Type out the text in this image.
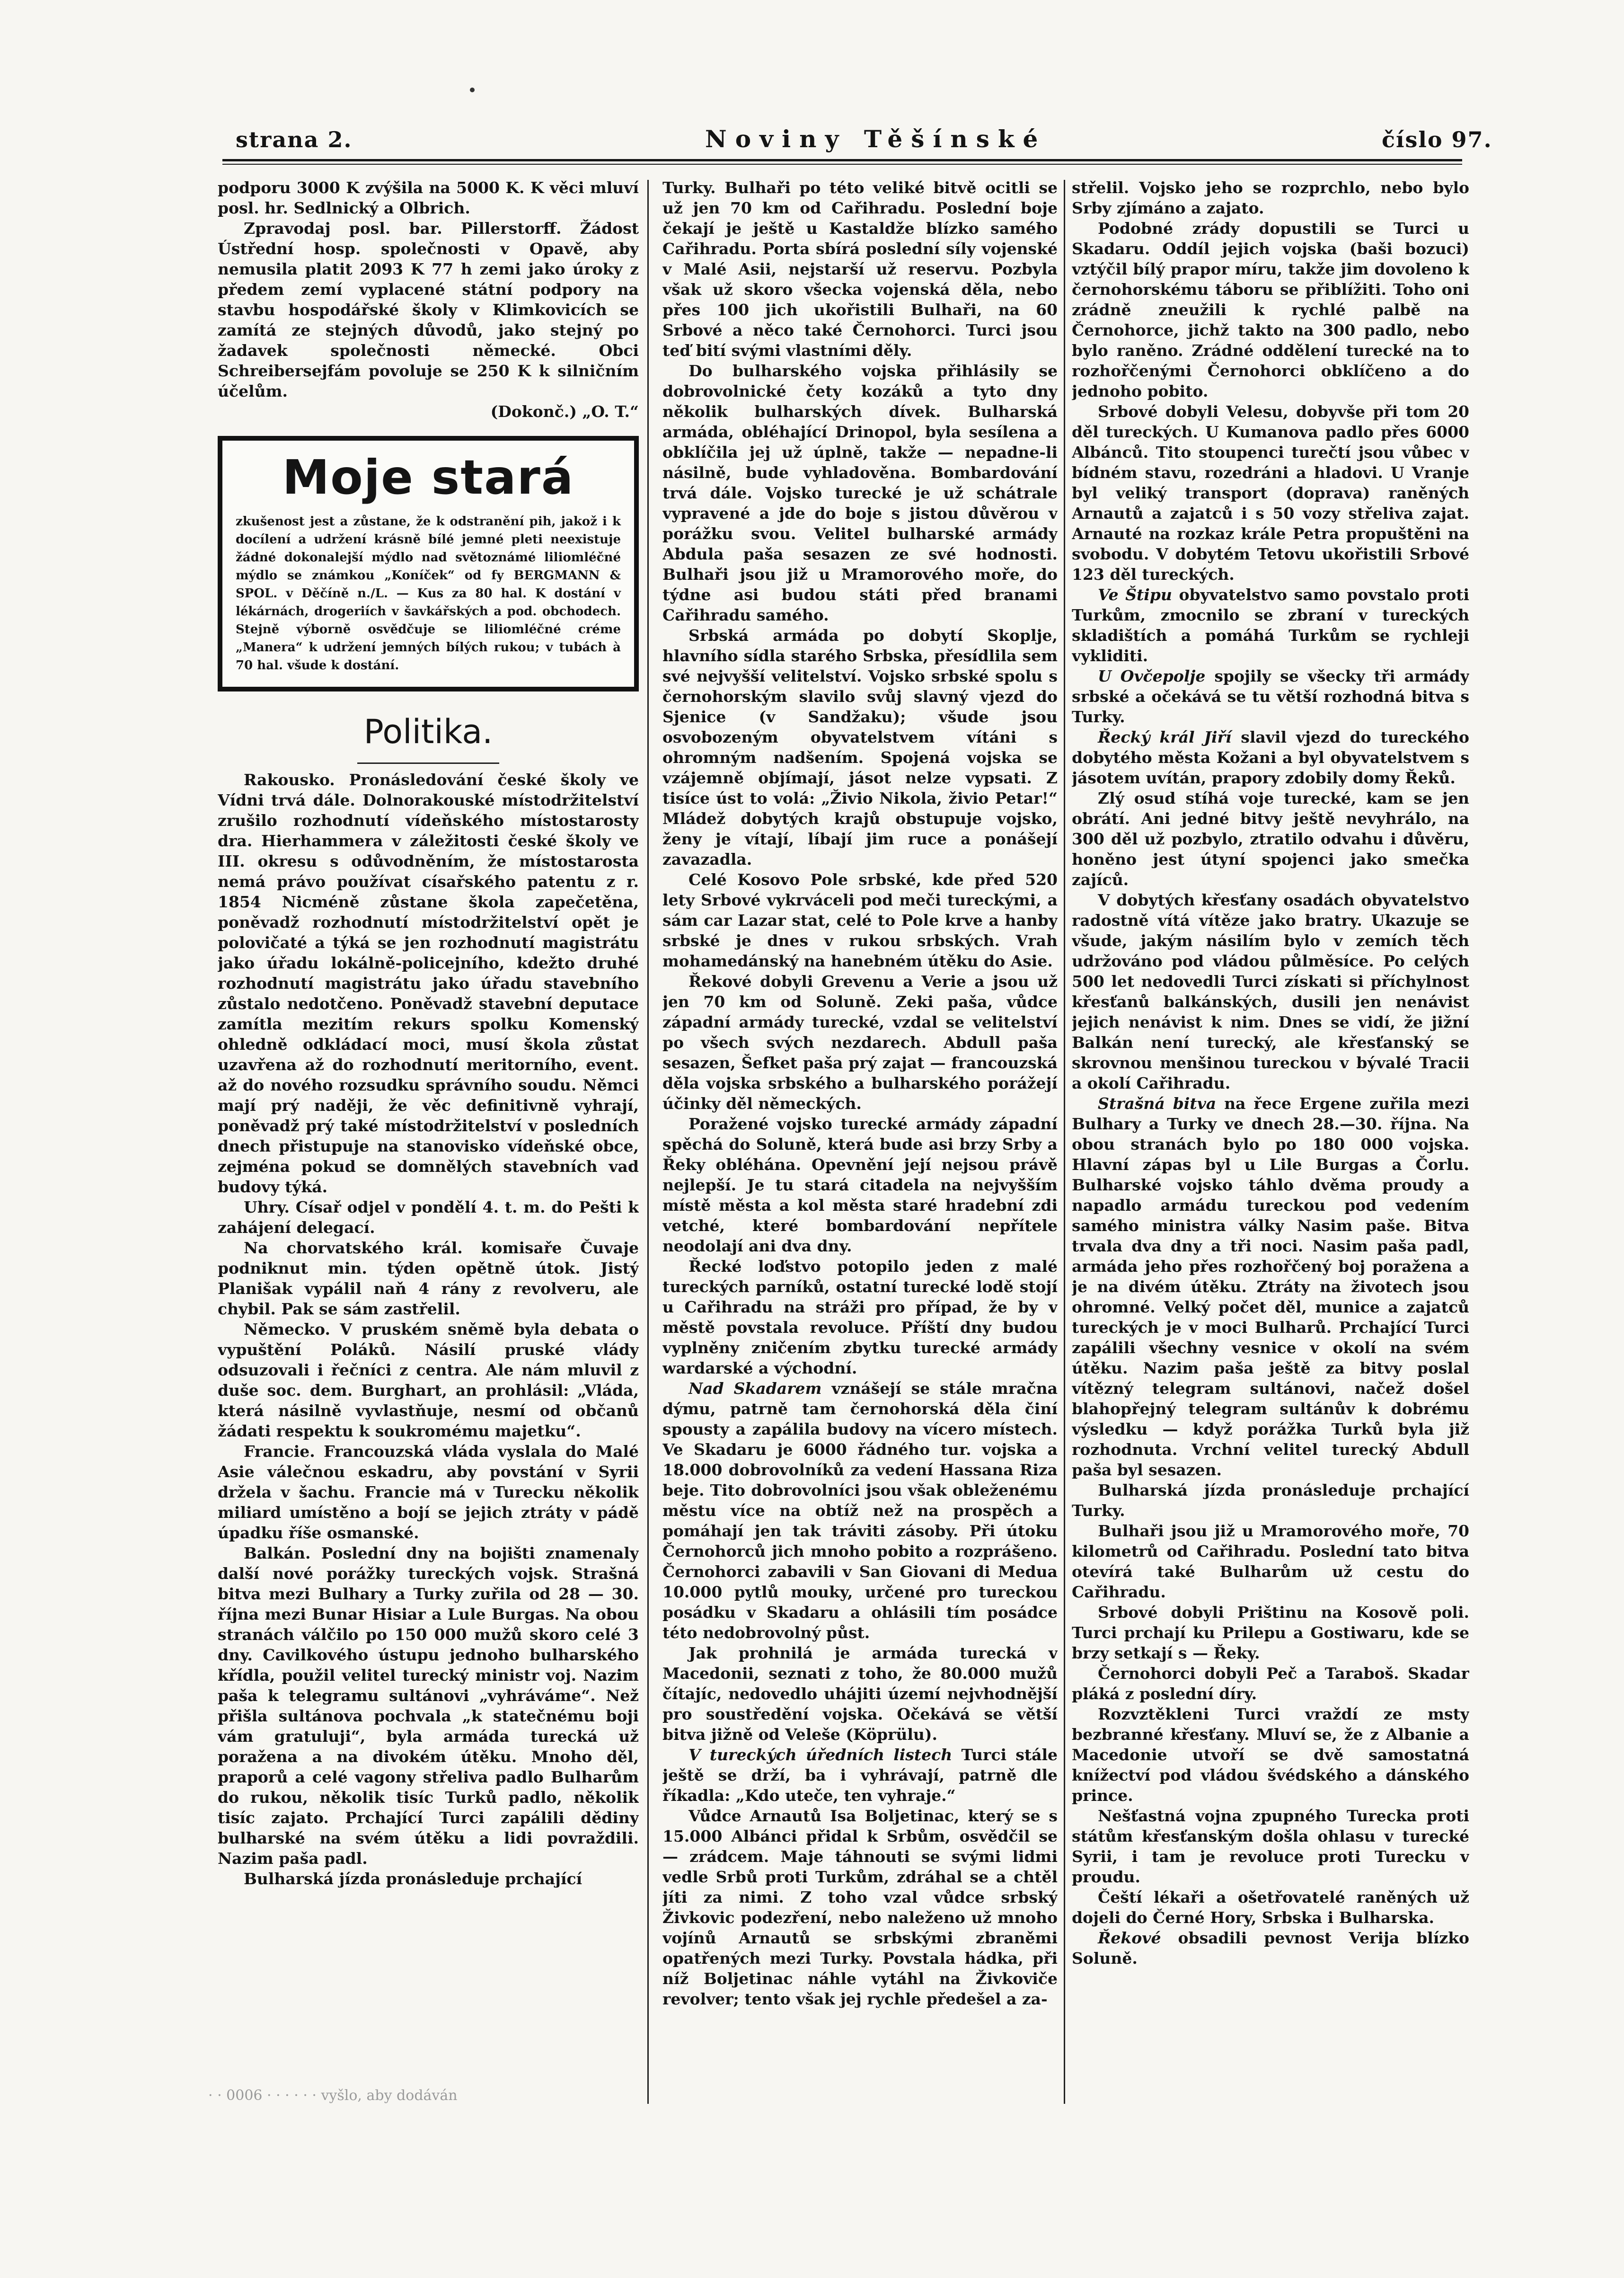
strana 2.	Noviny Těšínské	číslo 97.

podporu 3000 K zvýšila na 5000 K. K věci mluví posl. hr. Sedlnický a Olbrich.

Zpravodaj posl. bar. Pillerstorff. Žádost Ústřední hosp. společnosti v Opavě, aby nemusila platit 2093 K 77 h zemi jako úroky z předem zemí vyplacené státní podpory na stavbu hospodářské školy v Klimkovicích se zamítá ze stejných důvodů, jako stejný po žadavek společnosti německé. Obci Schreibersejfám povoluje se 250 K k silničním účelům.

(Dokonč.) „O. T.“
Moje stará
zkušenost jest a zůstane, že k odstranění pih, jakož i k docílení a udržení krásně bílé jemné pleti neexistuje žádné dokonalejší mýdlo nad světoznámé liliomléčné mýdlo se známkou „Koníček“ od fy BERGMANN & SPOL. v Děčíně n./L. — Kus za 80 hal. K dostání v lékárnách, drogeriích v šavkářských a pod. obchodech. Stejně výborně osvědčuje se liliomléčné créme „Manera“ k udržení jemných bílých rukou; v tubách à 70 hal. všude k dostání.
Politika.

Rakousko. Pronásledování české školy ve Vídni trvá dále. Dolnorakouské místodržitelství zrušilo rozhodnutí vídeňského místostarosty dra. Hierhammera v záležitosti české školy ve III. okresu s odůvodněním, že místostarosta nemá právo používat císařského patentu z r. 1854 Nicméně zůstane škola zapečetěna, poněvadž rozhodnutí místodržitelství opět je polovičaté a týká se jen rozhodnutí magistrátu jako úřadu lokálně-policejního, kdežto druhé rozhodnutí magistrátu jako úřadu stavebního zůstalo nedotčeno. Poněvadž stavební deputace zamítla mezitím rekurs spolku Komenský ohledně odkládací moci, musí škola zůstat uzavřena až do rozhodnutí meritorního, event. až do nového rozsudku správního soudu. Němci mají prý naději, že věc definitivně vyhrají, poněvadž prý také místodržitelství v posledních dnech přistupuje na stanovisko vídeňské obce, zejména pokud se domnělých stavebních vad budovy týká.

Uhry. Císař odjel v pondělí 4. t. m. do Pešti k zahájení delegací.

Na chorvatského král. komisaře Čuvaje podniknut min. týden opětně útok. Jistý Planišak vypálil naň 4 rány z revolveru, ale chybil. Pak se sám zastřelil.

Německo. V pruském sněmě byla debata o vypuštění Poláků. Násilí pruské vlády odsuzovali i řečníci z centra. Ale nám mluvil z duše soc. dem. Burghart, an prohlásil: „Vláda, která násilně vyvlastňuje, nesmí od občanů žádati respektu k soukromému majetku“.

Francie. Francouzská vláda vyslala do Malé Asie válečnou eskadru, aby povstání v Syrii držela v šachu. Francie má v Turecku několik miliard umístěno a bojí se jejich ztráty v pádě úpadku říše osmanské.

Balkán. Poslední dny na bojišti znamenaly další nové porážky tureckých vojsk. Strašná bitva mezi Bulhary a Turky zuřila od 28 — 30. října mezi Bunar Hisiar a Lule Burgas. Na obou stranách válčilo po 150 000 mužů skoro celé 3 dny. Cavilkového ústupu jednoho bulharského křídla, použil velitel turecký ministr voj. Nazim paša k telegramu sultánovi „vyhráváme“. Než přišla sultánova pochvala „k statečnému boji vám gratuluji“, byla armáda turecká už poražena a na divokém útěku. Mnoho děl, praporů a celé vagony střeliva padlo Bulharům do rukou, několik tisíc Turků padlo, několik tisíc zajato. Prchající Turci zapálili dědiny bulharské na svém útěku a lidi povraždili. Nazim paša padl.

Bulharská jízda pronásleduje prchající

· · 0006 · · · · · · vyšlo, aby dodáván

Turky. Bulhaři po této veliké bitvě ocitli se už jen 70 km od Cařihradu. Poslední boje čekají je ještě u Kastaldže blízko samého Cařihradu. Porta sbírá poslední síly vojenské v Malé Asii, nejstarší už reservu. Pozbyla však už skoro všecka vojenská děla, nebo přes 100 jich ukořistili Bulhaři, na 60 Srbové a něco také Černohorci. Turci jsou teď bití svými vlastními děly.

Do bulharského vojska přihlásily se dobrovolnické čety kozáků a tyto dny několik bulharských dívek. Bulharská armáda, obléhající Drinopol, byla sesílena a obklíčila jej už úplně, takže — nepadne-li násilně, bude vyhladověna. Bombardování trvá dále. Vojsko turecké je už schátrale vypravené a jde do boje s jistou důvěrou v porážku svou. Velitel bulharské armády Abdula paša sesazen ze své hodnosti. Bulhaři jsou již u Mramorového moře, do týdne asi budou státi před branami Cařihradu samého.

Srbská armáda po dobytí Skoplje, hlavního sídla starého Srbska, přesídlila sem své nejvyšší velitelství. Vojsko srbské spolu s černohorským slavilo svůj slavný vjezd do Sjenice (v Sandžaku); všude jsou osvobozeným obyvatelstvem vítáni s ohromným nadšením. Spojená vojska se vzájemně objímají, jásot nelze vypsati. Z tisíce úst to volá: „Živio Nikola, živio Petar!“ Mládež dobytých krajů obstupuje vojsko, ženy je vítají, líbají jim ruce a ponášejí zavazadla.

Celé Kosovo Pole srbské, kde před 520 lety Srbové vykrváceli pod meči tureckými, a sám car Lazar stat, celé to Pole krve a hanby srbské je dnes v rukou srbských. Vrah mohamedánský na hanebném útěku do Asie.

Řekové dobyli Grevenu a Verie a jsou už jen 70 km od Soluně. Zeki paša, vůdce západní armády turecké, vzdal se velitelství po všech svých nezdarech. Abdull paša sesazen, Šefket paša prý zajat — francouzská děla vojska srbského a bulharského porážejí účinky děl německých.

Poražené vojsko turecké armády západní spěchá do Soluně, která bude asi brzy Srby a Řeky obléhána. Opevnění její nejsou právě nejlepší. Je tu stará citadela na nejvyšším místě města a kol města staré hradební zdi vetché, které bombardování nepřítele neodolají ani dva dny.

Řecké loďstvo potopilo jeden z malé tureckých parníků, ostatní turecké lodě stojí u Cařihradu na stráži pro případ, že by v městě povstala revoluce. Příští dny budou vyplněny zničením zbytku turecké armády wardarské a východní.

Nad Skadarem vznášejí se stále mračna dýmu, patrně tam černohorská děla činí spousty a zapálila budovy na vícero místech. Ve Skadaru je 6000 řádného tur. vojska a 18.000 dobrovolníků za vedení Hassana Riza beje. Tito dobrovolníci jsou však obleženému městu více na obtíž než na prospěch a pomáhají jen tak tráviti zásoby. Při útoku Černohorců jich mnoho pobito a rozprášeno. Černohorci zabavili v San Giovani di Medua 10.000 pytlů mouky, určené pro tureckou posádku v Skadaru a ohlásili tím posádce této nedobrovolný půst.

Jak prohnilá je armáda turecká v Macedonii, seznati z toho, že 80.000 mužů čítajíc, nedovedlo uhájiti území nejvhodnější pro soustředění vojska. Očekává se větší bitva jižně od Veleše (Köprülu).

V tureckých úředních listech Turci stále ještě se drží, ba i vyhrávají, patrně dle říkadla: „Kdo uteče, ten vyhraje.“

Vůdce Arnautů Isa Boljetinac, který se s 15.000 Albánci přidal k Srbům, osvědčil se — zrádcem. Maje táhnouti se svými lidmi vedle Srbů proti Turkům, zdráhal se a chtěl jíti za nimi. Z toho vzal vůdce srbský Živkovic podezření, nebo naleženo už mnoho vojínů Arnautů se srbskými zbraněmi opatřených mezi Turky. Povstala hádka, při níž Boljetinac náhle vytáhl na Živkoviče revolver; tento však jej rychle předešel a za-

střelil. Vojsko jeho se rozprchlo, nebo bylo Srby zjímáno a zajato.

Podobné zrády dopustili se Turci u Skadaru. Oddíl jejich vojska (baši bozuci) vztýčil bílý prapor míru, takže jim dovoleno k černohorskému táboru se přiblížiti. Toho oni zrádně zneužili k rychlé palbě na Černohorce, jichž takto na 300 padlo, nebo bylo raněno. Zrádné oddělení turecké na to rozhořčenými Černohorci obklíčeno a do jednoho pobito.

Srbové dobyli Velesu, dobyvše při tom 20 děl tureckých. U Kumanova padlo přes 6000 Albánců. Tito stoupenci turečtí jsou vůbec v bídném stavu, rozedráni a hladovi. U Vranje byl veliký transport (doprava) raněných Arnautů a zajatců i s 50 vozy střeliva zajat. Arnauté na rozkaz krále Petra propuštěni na svobodu. V dobytém Tetovu ukořistili Srbové 123 děl tureckých.

Ve Štipu obyvatelstvo samo povstalo proti Turkům, zmocnilo se zbraní v tureckých skladištích a pomáhá Turkům se rychleji vykliditi.

U Ovčepolje spojily se všecky tři armády srbské a očekává se tu větší rozhodná bitva s Turky.

Řecký král Jiří slavil vjezd do tureckého dobytého města Kožani a byl obyvatelstvem s jásotem uvítán, prapory zdobily domy Řeků.

Zlý osud stíhá voje turecké, kam se jen obrátí. Ani jedné bitvy ještě nevyhrálo, na 300 děl už pozbylo, ztratilo odvahu i důvěru, honěno jest útyní spojenci jako smečka zajíců.

V dobytých křesťany osadách obyvatelstvo radostně vítá vítěze jako bratry. Ukazuje se všude, jakým násilím bylo v zemích těch udržováno pod vládou půlměsíce. Po celých 500 let nedovedli Turci získati si příchylnost křesťanů balkánských, dusili jen nenávist jejich nenávist k nim. Dnes se vidí, že jižní Balkán není turecký, ale křesťanský se skrovnou menšinou tureckou v bývalé Tracii a okolí Cařihradu.

Strašná bitva na řece Ergene zuřila mezi Bulhary a Turky ve dnech 28.—30. října. Na obou stranách bylo po 180 000 vojska. Hlavní zápas byl u Lile Burgas a Čorlu. Bulharské vojsko táhlo dvěma proudy a napadlo armádu tureckou pod vedením samého ministra války Nasim paše. Bitva trvala dva dny a tři noci. Nasim paša padl, armáda jeho přes rozhořčený boj poražena a je na divém útěku. Ztráty na životech jsou ohromné. Velký počet děl, munice a zajatců tureckých je v moci Bulharů. Prchající Turci zapálili všechny vesnice v okolí na svém útěku. Nazim paša ještě za bitvy poslal vítězný telegram sultánovi, načež došel blahopřejný telegram sultánův k dobrému výsledku — když porážka Turků byla již rozhodnuta. Vrchní velitel turecký Abdull paša byl sesazen.

Bulharská jízda pronásleduje prchající Turky.

Bulhaři jsou již u Mramorového moře, 70 kilometrů od Cařihradu. Poslední tato bitva otevírá také Bulharům už cestu do Cařihradu.

Srbové dobyli Prištinu na Kosově poli. Turci prchají ku Prilepu a Gostiwaru, kde se brzy setkají s — Řeky.

Černohorci dobyli Peč a Taraboš. Skadar pláká z poslední díry.

Rozvztěkleni Turci vraždí ze msty bezbranné křesťany. Mluví se, že z Albanie a Macedonie utvoří se dvě samostatná knížectví pod vládou švédského a dánského prince.

Nešťastná vojna zpupného Turecka proti státům křesťanským došla ohlasu v turecké Syrii, i tam je revoluce proti Turecku v proudu.

Čeští lékaři a ošetřovatelé raněných už dojeli do Černé Hory, Srbska i Bulharska.

Řekové obsadili pevnost Verija blízko Soluně.
